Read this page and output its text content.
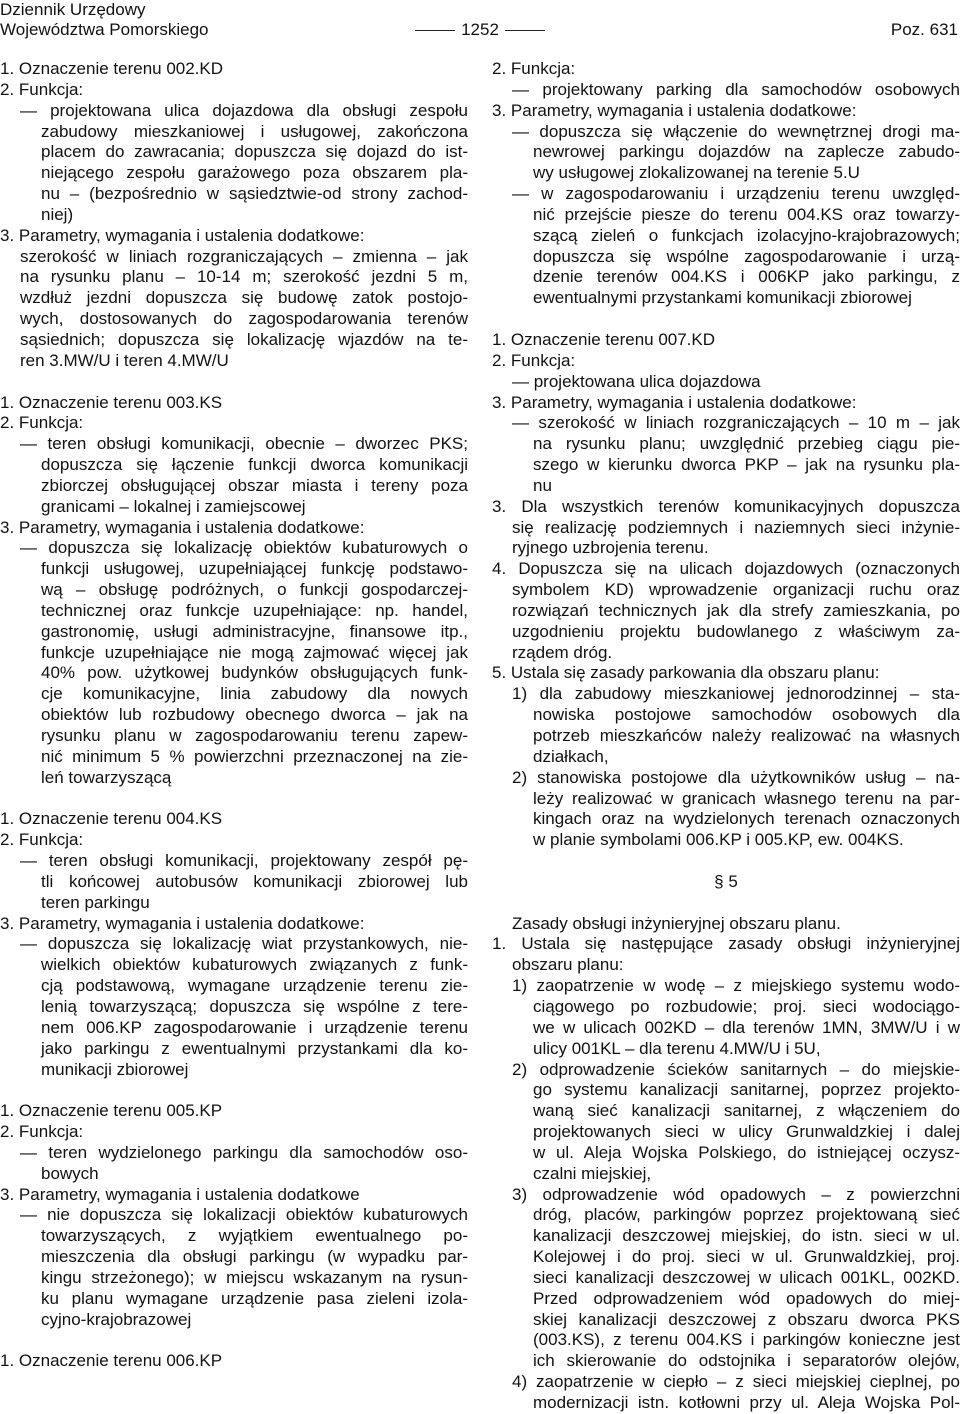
Dziennik Urzędowy
Województwa Pomorskiego	1252	Poz. 631
1. Oznaczenie terenu 002.KD
2. Funkcja:
— projektowana ulica dojazdowa dla obsługi zespołu
zabudowy mieszkaniowej i usługowej, zakończona
placem do zawracania; dopuszcza się dojazd do ist-
niejącego zespołu garażowego poza obszarem pla-
nu – (bezpośrednio w sąsiedztwie-od strony zachod-
niej)
3. Parametry, wymagania i ustalenia dodatkowe:
szerokość w liniach rozgraniczających – zmienna – jak
na rysunku planu – 10-14 m; szerokość jezdni 5 m,
wzdłuż jezdni dopuszcza się budowę zatok postojo-
wych, dostosowanych do zagospodarowania terenów
sąsiednich; dopuszcza się lokalizację wjazdów na te-
ren 3.MW/U i teren 4.MW/U
1. Oznaczenie terenu 003.KS
2. Funkcja:
— teren obsługi komunikacji, obecnie – dworzec PKS;
dopuszcza się łączenie funkcji dworca komunikacji
zbiorczej obsługującej obszar miasta i tereny poza
granicami – lokalnej i zamiejscowej
3. Parametry, wymagania i ustalenia dodatkowe:
— dopuszcza się lokalizację obiektów kubaturowych o
funkcji usługowej, uzupełniającej funkcję podstawo-
wą – obsługę podróżnych, o funkcji gospodarczej-
technicznej oraz funkcje uzupełniające: np. handel,
gastronomię, usługi administracyjne, finansowe itp.,
funkcje uzupełniające nie mogą zajmować więcej jak
40% pow. użytkowej budynków obsługujących funk-
cje komunikacyjne, linia zabudowy dla nowych
obiektów lub rozbudowy obecnego dworca – jak na
rysunku planu w zagospodarowaniu terenu zapew-
nić minimum 5 % powierzchni przeznaczonej na zie-
leń towarzyszącą
1. Oznaczenie terenu 004.KS
2. Funkcja:
— teren obsługi komunikacji, projektowany zespół pę-
tli końcowej autobusów komunikacji zbiorowej lub
teren parkingu
3. Parametry, wymagania i ustalenia dodatkowe:
— dopuszcza się lokalizację wiat przystankowych, nie-
wielkich obiektów kubaturowych związanych z funk-
cją podstawową, wymagane urządzenie terenu zie-
lenią towarzyszącą; dopuszcza się wspólne z tere-
nem 006.KP zagospodarowanie i urządzenie terenu
jako parkingu z ewentualnymi przystankami dla ko-
munikacji zbiorowej
1. Oznaczenie terenu 005.KP
2. Funkcja:
— teren wydzielonego parkingu dla samochodów oso-
bowych
3. Parametry, wymagania i ustalenia dodatkowe
— nie dopuszcza się lokalizacji obiektów kubaturowych
towarzyszących, z wyjątkiem ewentualnego po-
mieszczenia dla obsługi parkingu (w wypadku par-
kingu strzeżonego); w miejscu wskazanym na rysun-
ku planu wymagane urządzenie pasa zieleni izola-
cyjno-krajobrazowej
1. Oznaczenie terenu 006.KP
2. Funkcja:
— projektowany parking dla samochodów osobowych
3. Parametry, wymagania i ustalenia dodatkowe:
— dopuszcza się włączenie do wewnętrznej drogi ma-
newrowej parkingu dojazdów na zaplecze zabudo-
wy usługowej zlokalizowanej na terenie 5.U
— w zagospodarowaniu i urządzeniu terenu uwzględ-
nić przejście piesze do terenu 004.KS oraz towarzy-
szącą zieleń o funkcjach izolacyjno-krajobrazowych;
dopuszcza się wspólne zagospodarowanie i urzą-
dzenie terenów 004.KS i 006KP jako parkingu, z
ewentualnymi przystankami komunikacji zbiorowej
1. Oznaczenie terenu 007.KD
2. Funkcja:
— projektowana ulica dojazdowa
3. Parametry, wymagania i ustalenia dodatkowe:
— szerokość w liniach rozgraniczających – 10 m – jak
na rysunku planu; uwzględnić przebieg ciągu pie-
szego w kierunku dworca PKP – jak na rysunku pla-
nu
3. Dla wszystkich terenów komunikacyjnych dopuszcza
się realizację podziemnych i naziemnych sieci inżynie-
ryjnego uzbrojenia terenu.
4. Dopuszcza się na ulicach dojazdowych (oznaczonych
symbolem KD) wprowadzenie organizacji ruchu oraz
rozwiązań technicznych jak dla strefy zamieszkania, po
uzgodnieniu projektu budowlanego z właściwym za-
rządem dróg.
5. Ustala się zasady parkowania dla obszaru planu:
1) dla zabudowy mieszkaniowej jednorodzinnej – sta-
nowiska postojowe samochodów osobowych dla
potrzeb mieszkańców należy realizować na własnych
działkach,
2) stanowiska postojowe dla użytkowników usług – na-
leży realizować w granicach własnego terenu na par-
kingach oraz na wydzielonych terenach oznaczonych
w planie symbolami 006.KP i 005.KP, ew. 004KS.
§ 5
Zasady obsługi inżynieryjnej obszaru planu.
1. Ustala się następujące zasady obsługi inżynieryjnej
obszaru planu:
1) zaopatrzenie w wodę – z miejskiego systemu wodo-
ciągowego po rozbudowie; proj. sieci wodociągo-
we w ulicach 002KD – dla terenów 1MN, 3MW/U i w
ulicy 001KL – dla terenu 4.MW/U i 5U,
2) odprowadzenie ścieków sanitarnych – do miejskie-
go systemu kanalizacji sanitarnej, poprzez projekto-
waną sieć kanalizacji sanitarnej, z włączeniem do
projektowanych sieci w ulicy Grunwaldzkiej i dalej
w ul. Aleja Wojska Polskiego, do istniejącej oczysz-
czalni miejskiej,
3) odprowadzenie wód opadowych – z powierzchni
dróg, placów, parkingów poprzez projektowaną sieć
kanalizacji deszczowej miejskiej, do istn. sieci w ul.
Kolejowej i do proj. sieci w ul. Grunwaldzkiej, proj.
sieci kanalizacji deszczowej w ulicach 001KL, 002KD.
Przed odprowadzeniem wód opadowych do miej-
skiej kanalizacji deszczowej z obszaru dworca PKS
(003.KS), z terenu 004.KS i parkingów konieczne jest
ich skierowanie do odstojnika i separatorów olejów,
4) zaopatrzenie w ciepło – z sieci miejskiej cieplnej, po
modernizacji istn. kotłowni przy ul. Aleja Wojska Pol-
